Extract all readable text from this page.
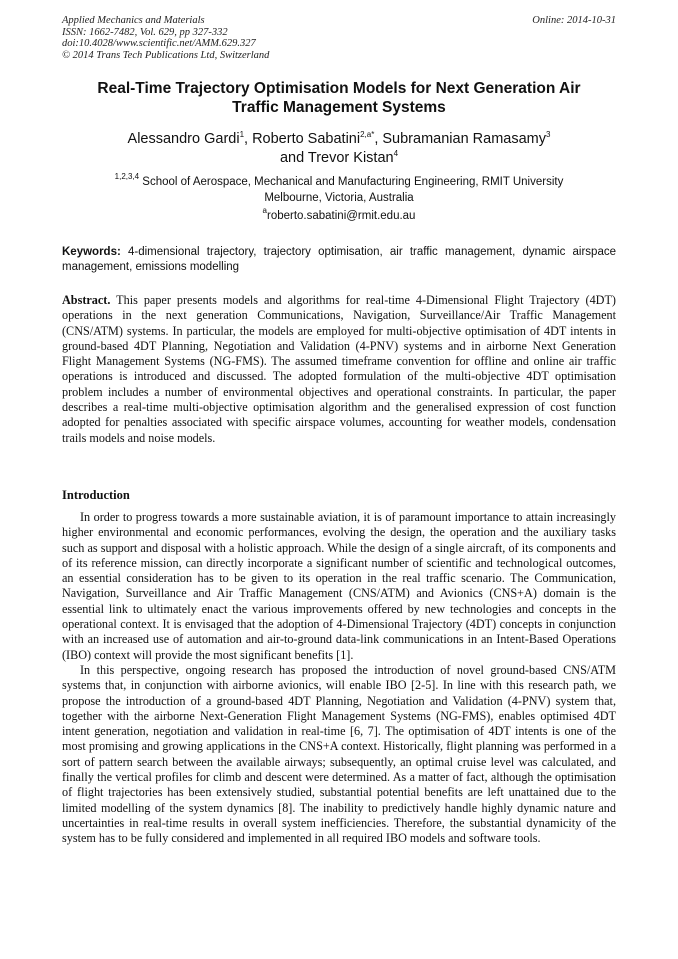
Applied Mechanics and Materials
ISSN: 1662-7482, Vol. 629, pp 327-332
doi:10.4028/www.scientific.net/AMM.629.327
© 2014 Trans Tech Publications Ltd, Switzerland
Online: 2014-10-31
Real-Time Trajectory Optimisation Models for Next Generation Air
Traffic Management Systems
Alessandro Gardi$^1$, Roberto Sabatini$^{2,a*}$, Subramanian Ramasamy$^3$
and Trevor Kistan$^4$
$^{1,2,3,4}$ School of Aerospace, Mechanical and Manufacturing Engineering, RMIT University
Melbourne, Victoria, Australia
$^a$roberto.sabatini@rmit.edu.au
Keywords: 4-dimensional trajectory, trajectory optimisation, air traffic management, dynamic airspace management, emissions modelling
Abstract. This paper presents models and algorithms for real-time 4-Dimensional Flight Trajectory (4DT) operations in the next generation Communications, Navigation, Surveillance/Air Traffic Management (CNS/ATM) systems. In particular, the models are employed for multi-objective optimisation of 4DT intents in ground-based 4DT Planning, Negotiation and Validation (4-PNV) systems and in airborne Next Generation Flight Management Systems (NG-FMS). The assumed timeframe convention for offline and online air traffic operations is introduced and discussed. The adopted formulation of the multi-objective 4DT optimisation problem includes a number of environmental objectives and operational constraints. In particular, the paper describes a real-time multi-objective optimisation algorithm and the generalised expression of cost function adopted for penalties associated with specific airspace volumes, accounting for weather models, condensation trails models and noise models.
Introduction

In order to progress towards a more sustainable aviation, it is of paramount importance to attain increasingly higher environmental and economic performances, evolving the design, the operation and the auxiliary tasks such as support and disposal with a holistic approach. While the design of a single aircraft, of its components and of its reference mission, can directly incorporate a significant number of scientific and technological outcomes, an essential consideration has to be given to its operation in the real traffic scenario. The Communication, Navigation, Surveillance and Air Traffic Management (CNS/ATM) and Avionics (CNS+A) domain is the essential link to ultimately enact the various improvements offered by new technologies and concepts in the operational context. It is envisaged that the adoption of 4-Dimensional Trajectory (4DT) concepts in conjunction with an increased use of automation and air-to-ground data-link communications in an Intent-Based Operations (IBO) context will provide the most significant benefits [1].

In this perspective, ongoing research has proposed the introduction of novel ground-based CNS/ATM systems that, in conjunction with airborne avionics, will enable IBO [2-5]. In line with this research path, we propose the introduction of a ground-based 4DT Planning, Negotiation and Validation (4-PNV) system that, together with the airborne Next-Generation Flight Management Systems (NG-FMS), enables optimised 4DT intent generation, negotiation and validation in real-time [6, 7]. The optimisation of 4DT intents is one of the most promising and growing applications in the CNS+A context. Historically, flight planning was performed in a sort of pattern search between the available airways; subsequently, an optimal cruise level was calculated, and finally the vertical profiles for climb and descent were determined. As a matter of fact, although the optimisation of flight trajectories has been extensively studied, substantial potential benefits are left unattained due to the limited modelling of the system dynamics [8]. The inability to predictively handle highly dynamic nature and uncertainties in real-time results in overall system inefficiencies. Therefore, the substantial dynamicity of the system has to be fully considered and implemented in all required IBO models and software tools.
